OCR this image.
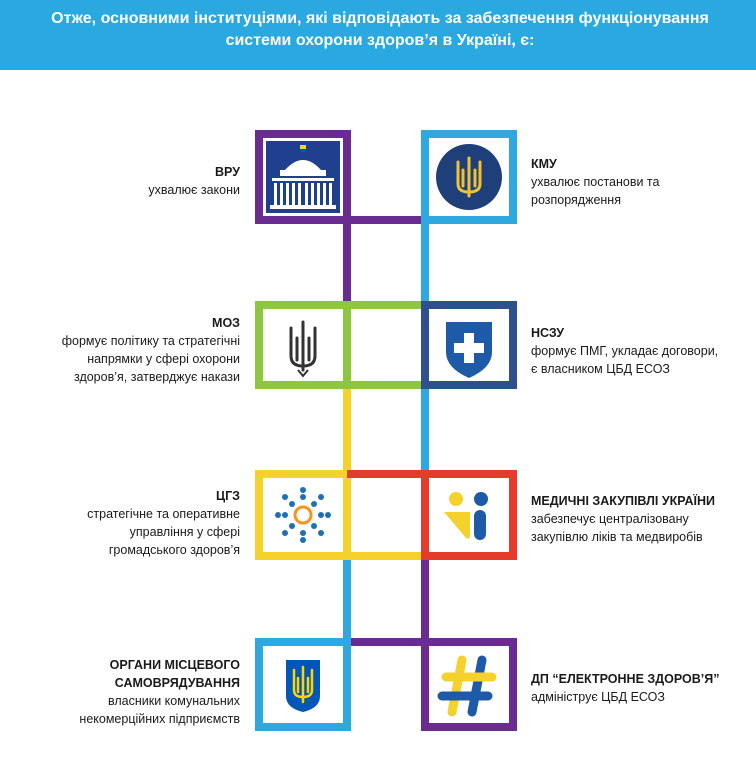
Отже, основними інституціями, які відповідають за забезпечення функціонування системи охорони здоров’я в Україні, є:
ВРУ
ухвалює закони
МОЗ
формує політику та стратегічні
напрямки у сфері охорони
здоров’я, затверджує накази
ЦГЗ
стратегічне та оперативне
управління у сфері
громадського здоров’я
ОРГАНИ МІСЦЕВОГО
САМОВРЯДУВАННЯ
власники комунальних
некомерційних підприємств
КМУ
ухвалює постанови та
розпорядження
НСЗУ
формує ПМГ, укладає договори,
є власником ЦБД ЕСОЗ
МЕДИЧНІ ЗАКУПІВЛІ УКРАЇНИ
забезпечує централізовану
закупівлю ліків та медвиробів
ДП “ЕЛЕКТРОННЕ ЗДОРОВ’Я”
адмініструє ЦБД ЕСОЗ
